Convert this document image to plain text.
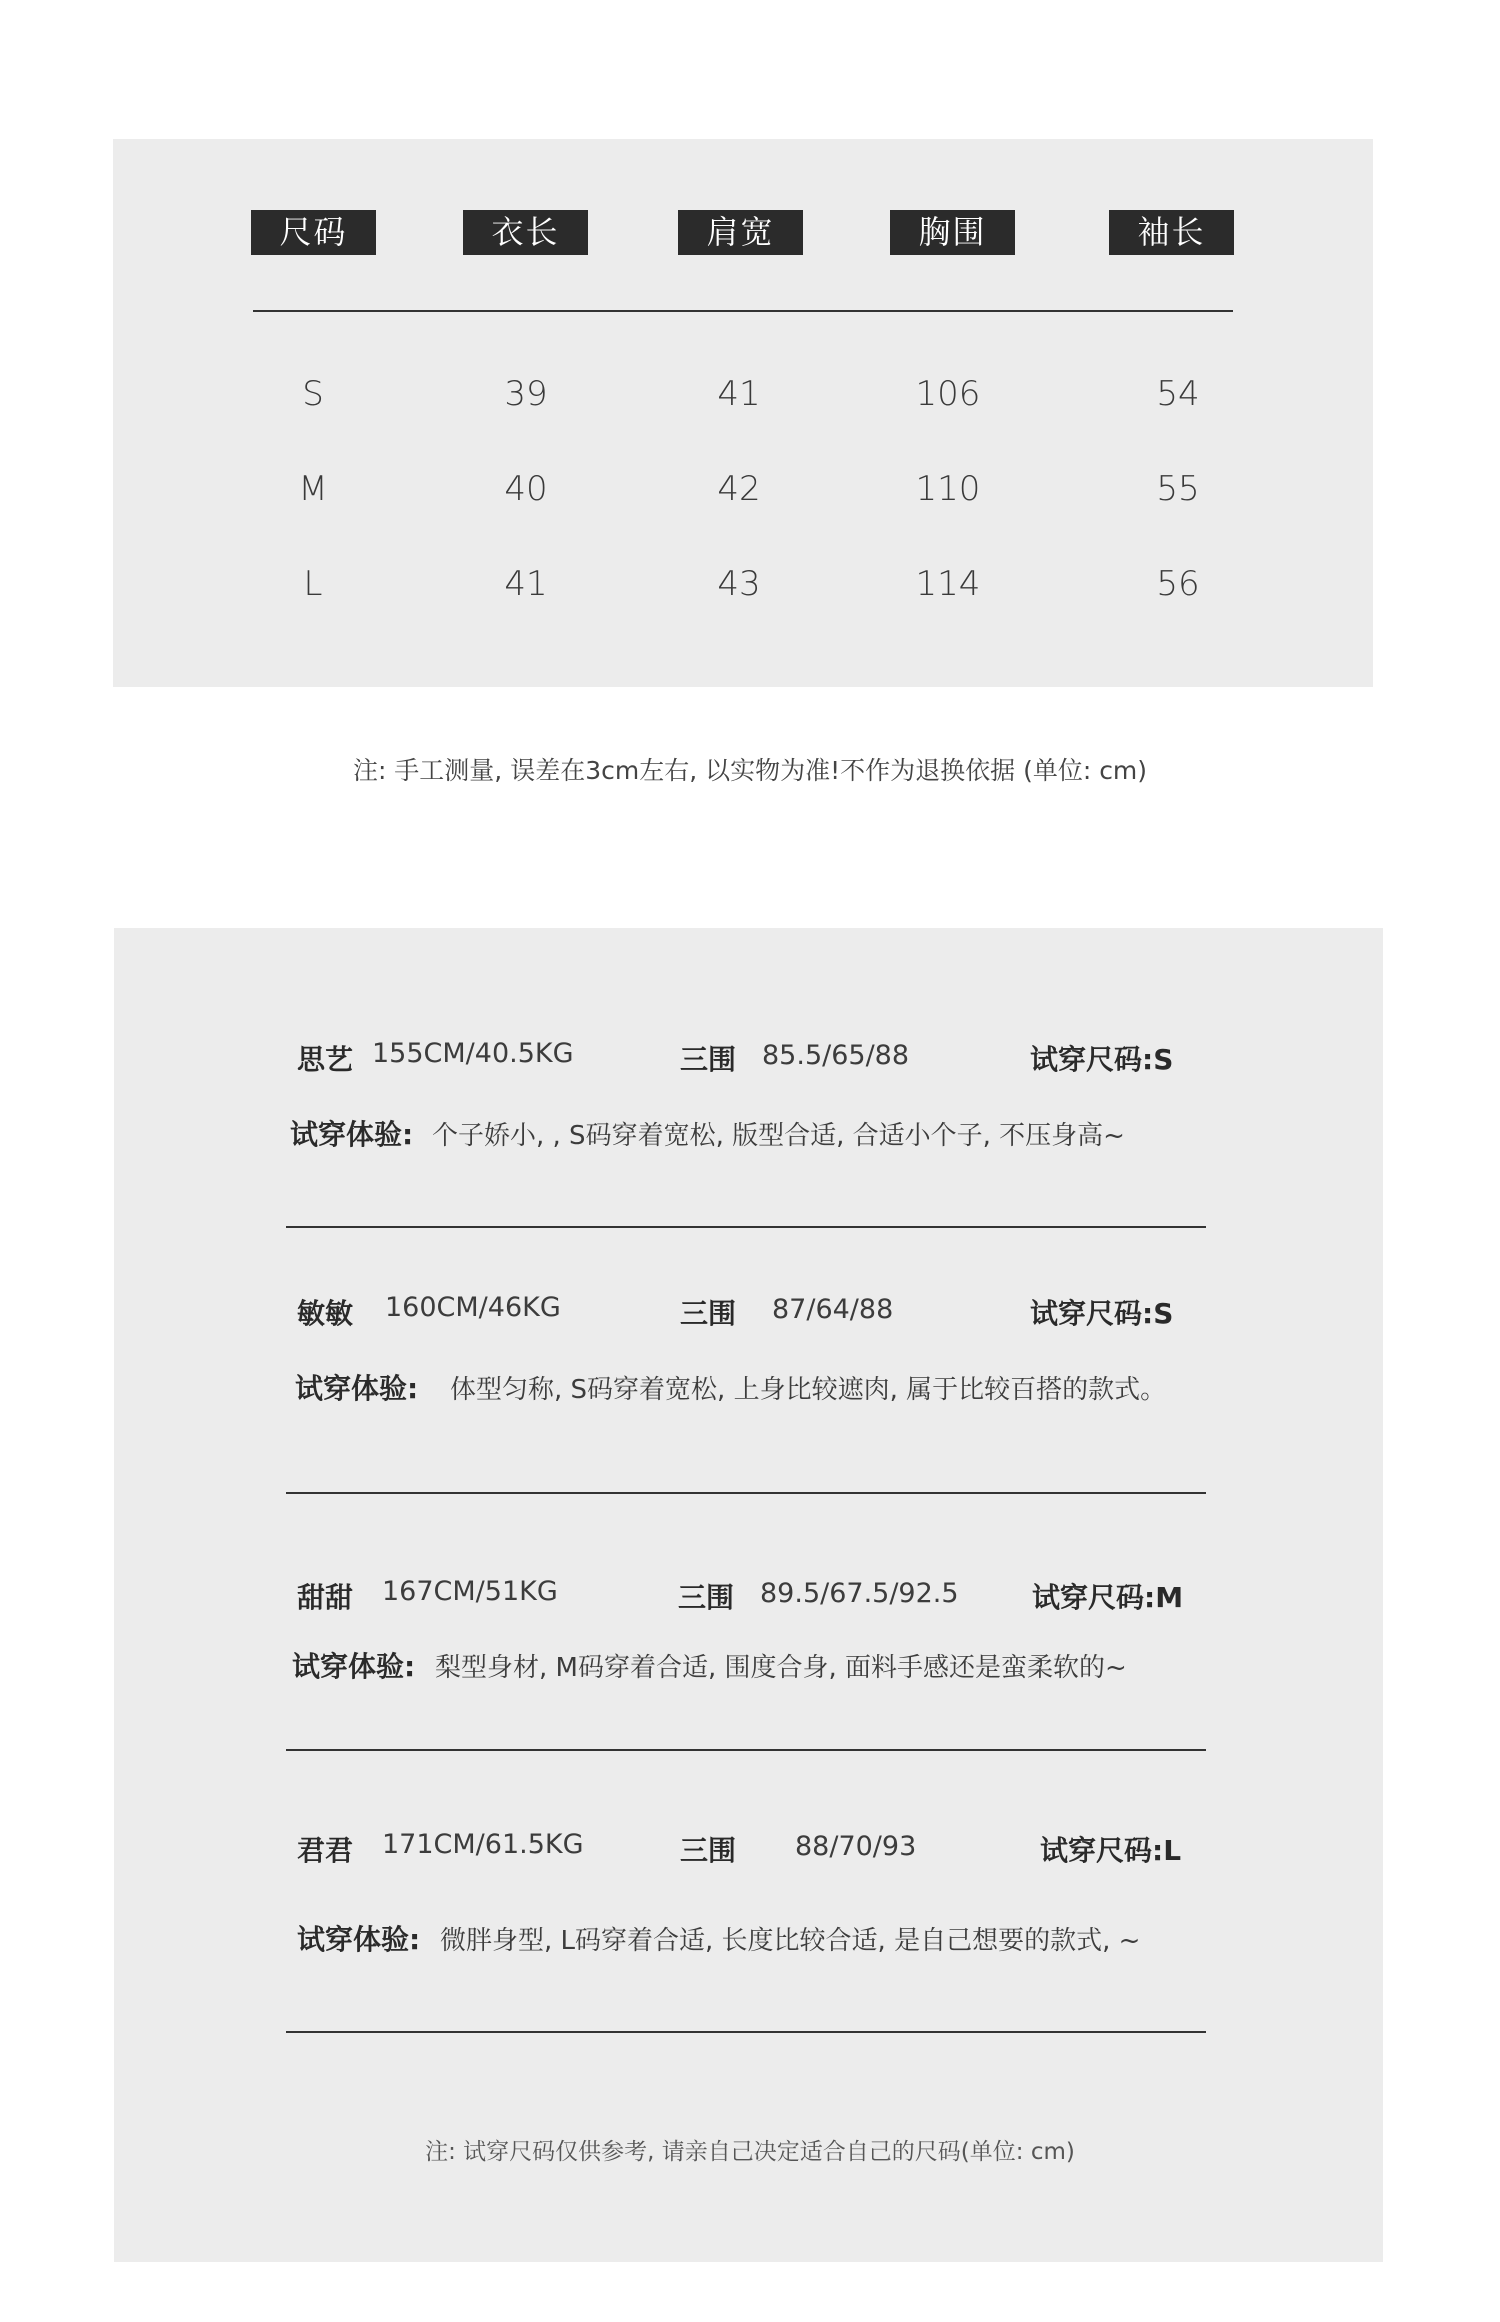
尺码	衣长	肩宽	胸围	袖长
S	39	41	106	54
M	40	42	110	55
L	41	43	114	56
注: 手工测量, 误差在3cm左右, 以实物为准!不作为退换依据 (单位: cm)
思艺 155CM/40.5KG	三围 85.5/65/88	试穿尺码:S
试穿体验: 个子娇小, , S码穿着宽松, 版型合适, 合适小个子, 不压身高~
敏敏 160CM/46KG	三围 87/64/88	试穿尺码:S
试穿体验: 体型匀称, S码穿着宽松, 上身比较遮肉, 属于比较百搭的款式。
甜甜 167CM/51KG	三围 89.5/67.5/92.5	试穿尺码:M
试穿体验: 梨型身材, M码穿着合适, 围度合身, 面料手感还是蛮柔软的~
君君 171CM/61.5KG	三围 88/70/93	试穿尺码:L
试穿体验: 微胖身型, L码穿着合适, 长度比较合适, 是自己想要的款式, ~
注: 试穿尺码仅供参考, 请亲自己决定适合自己的尺码(单位: cm)
